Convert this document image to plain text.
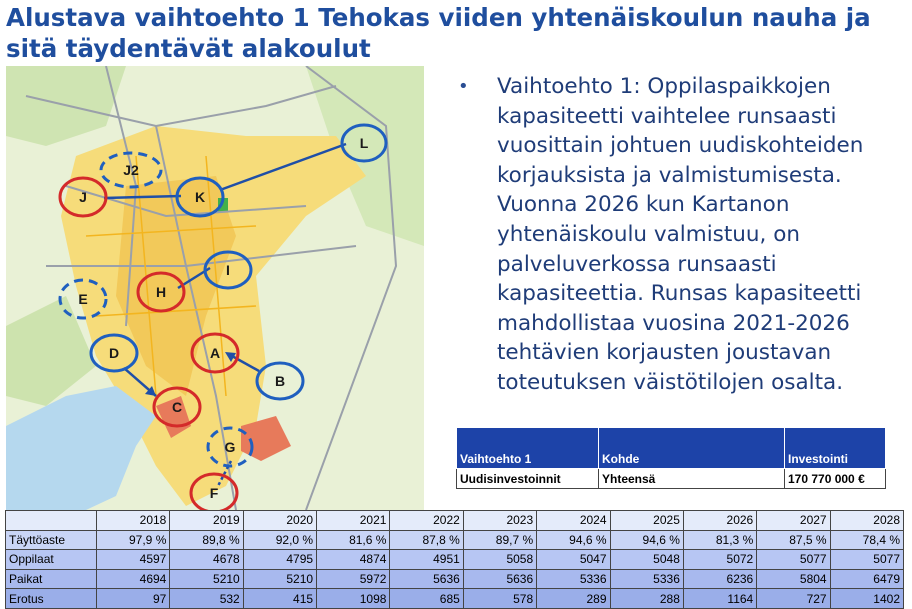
Alustava vaihtoehto 1 Tehokas viiden yhtenäiskoulun nauha ja sitä täydentävät alakoulut
L
J2
J	K
I
H
E
D	A
B
C
G
F
• Vaihtoehto 1: Oppilaspaikkojen kapasiteetti vaihtelee runsaasti vuosittain johtuen uudiskohteiden korjauksista ja valmistumisesta. Vuonna 2026 kun Kartanon yhtenäiskoulu valmistuu, on palveluverkossa runsaasti kapasiteettia. Runsas kapasiteetti mahdollistaa vuosina 2021-2026 tehtävien korjausten joustavan toteutuksen väistötilojen osalta.
Vaihtoehto 1	Kohde	Investointi
Uudisinvestoinnit	Yhteensä	170 770 000 €
	2018	2019	2020	2021	2022	2023	2024	2025	2026	2027	2028
Täyttöaste	97,9 %	89,8 %	92,0 %	81,6 %	87,8 %	89,7 %	94,6 %	94,6 %	81,3 %	87,5 %	78,4 %
Oppilaat	4597	4678	4795	4874	4951	5058	5047	5048	5072	5077	5077
Paikat	4694	5210	5210	5972	5636	5636	5336	5336	6236	5804	6479
Erotus	97	532	415	1098	685	578	289	288	1164	727	1402
